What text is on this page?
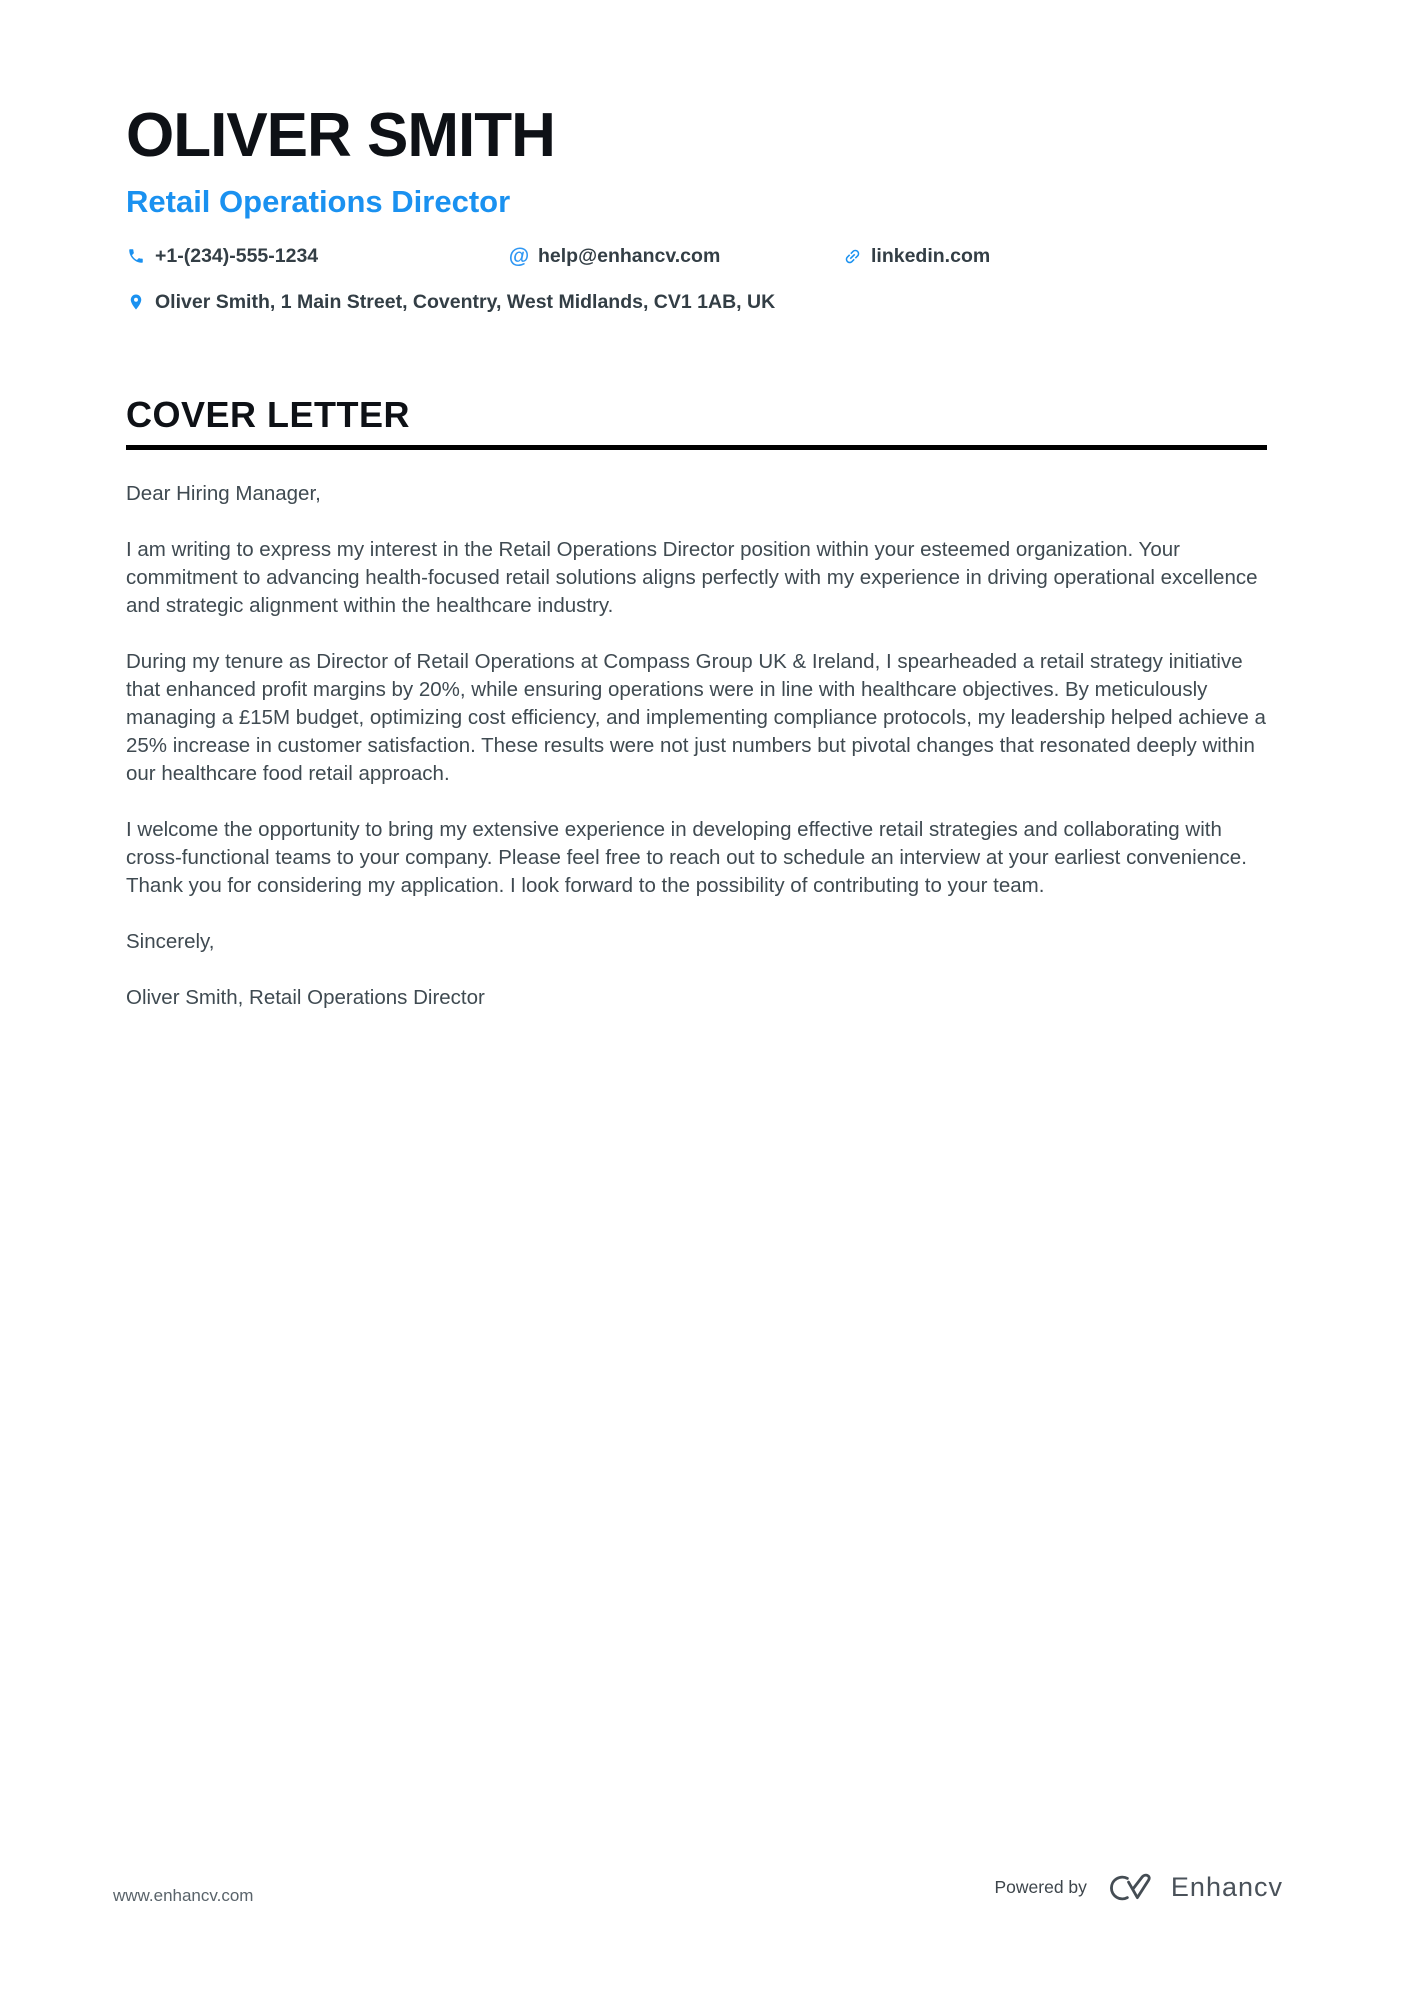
OLIVER SMITH
Retail Operations Director
+1-(234)-555-1234	@ help@enhancv.com	linkedin.com
Oliver Smith, 1 Main Street, Coventry, West Midlands, CV1 1AB, UK
COVER LETTER

Dear Hiring Manager,

I am writing to express my interest in the Retail Operations Director position within your esteemed organization. Your commitment to advancing health-focused retail solutions aligns perfectly with my experience in driving operational excellence and strategic alignment within the healthcare industry.

During my tenure as Director of Retail Operations at Compass Group UK & Ireland, I spearheaded a retail strategy initiative that enhanced profit margins by 20%, while ensuring operations were in line with healthcare objectives. By meticulously managing a £15M budget, optimizing cost efficiency, and implementing compliance protocols, my leadership helped achieve a 25% increase in customer satisfaction. These results were not just numbers but pivotal changes that resonated deeply within our healthcare food retail approach.

I welcome the opportunity to bring my extensive experience in developing effective retail strategies and collaborating with cross-functional teams to your company. Please feel free to reach out to schedule an interview at your earliest convenience. Thank you for considering my application. I look forward to the possibility of contributing to your team.

Sincerely,

Oliver Smith, Retail Operations Director

www.enhancv.com	Powered by	Enhancv
